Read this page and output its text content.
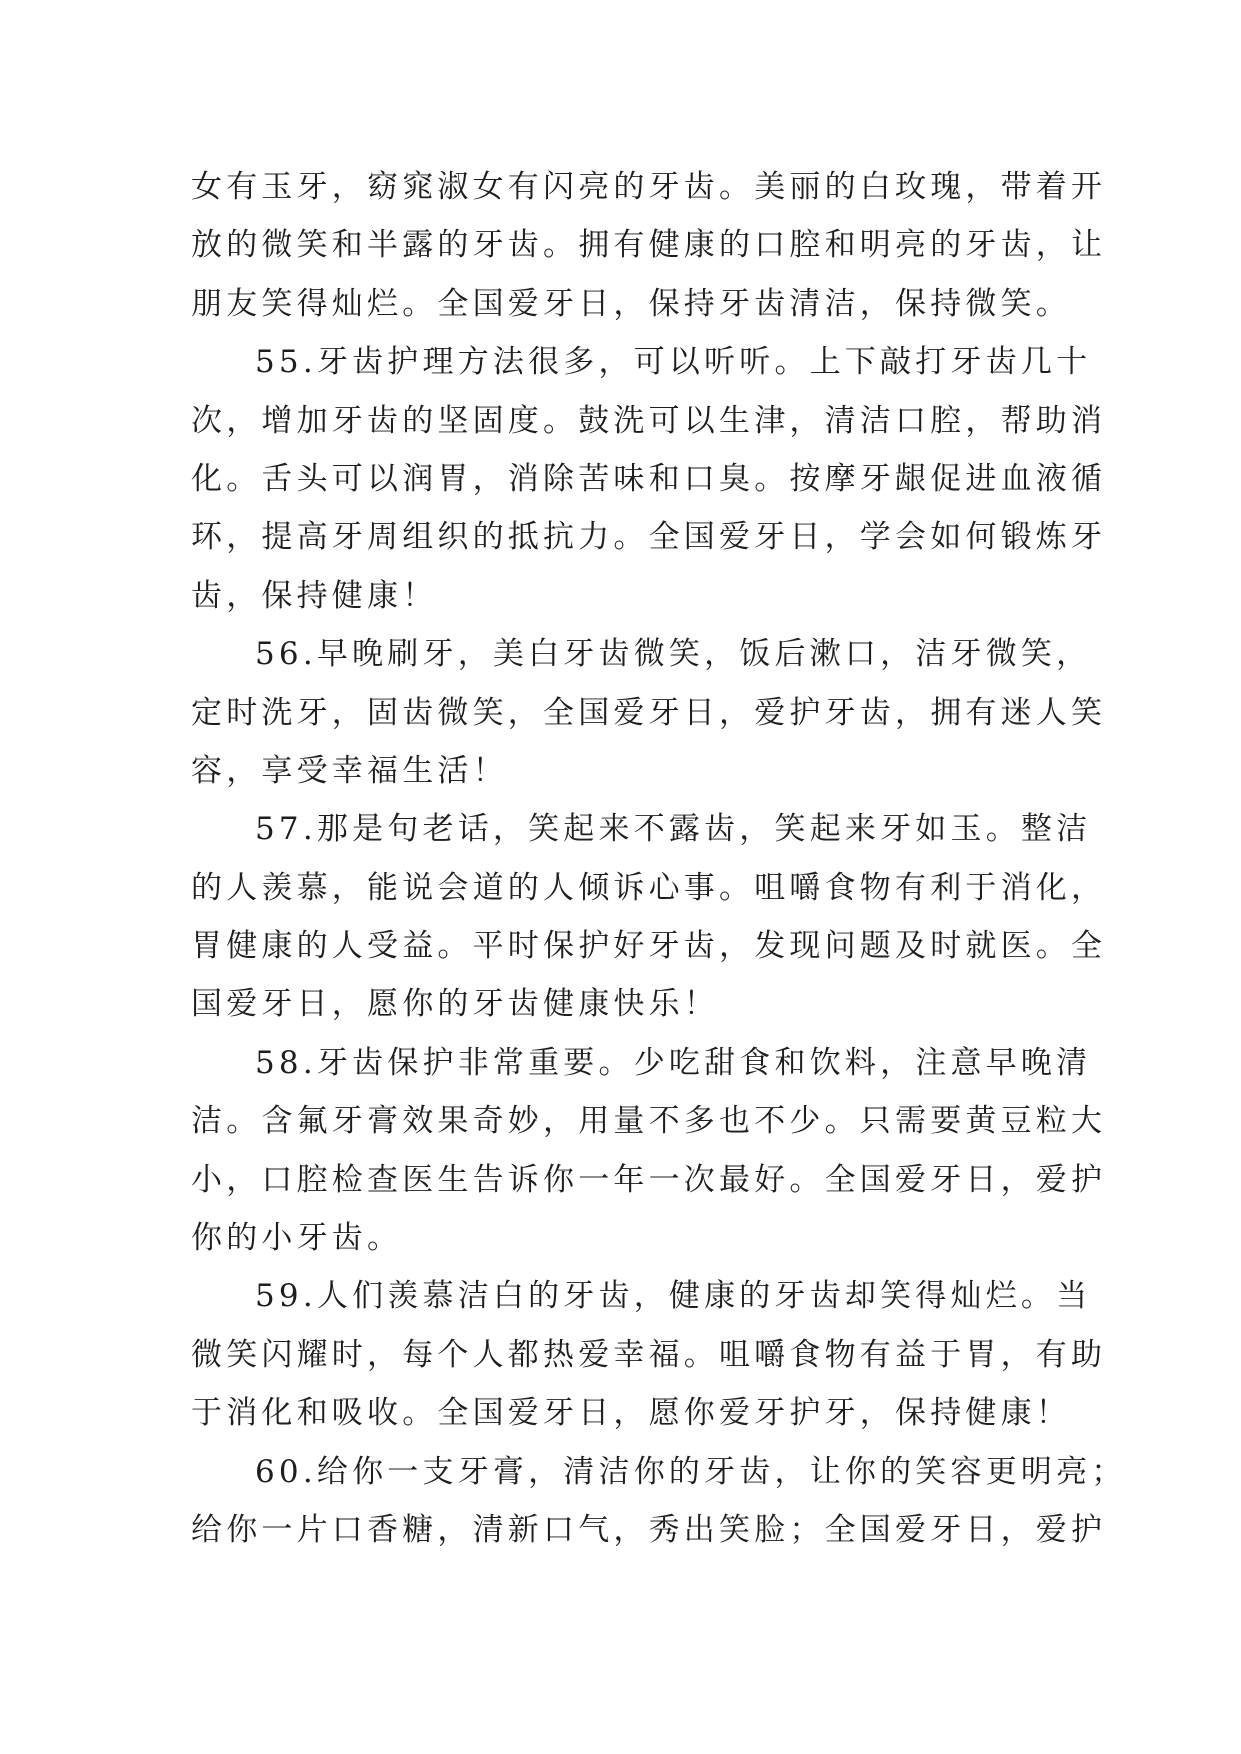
女有玉牙，窈窕淑女有闪亮的牙齿。美丽的白玫瑰，带着开
放的微笑和半露的牙齿。拥有健康的口腔和明亮的牙齿，让
朋友笑得灿烂。全国爱牙日，保持牙齿清洁，保持微笑。
55.牙齿护理方法很多，可以听听。上下敲打牙齿几十
次，增加牙齿的坚固度。鼓洗可以生津，清洁口腔，帮助消
化。舌头可以润胃，消除苦味和口臭。按摩牙龈促进血液循
环，提高牙周组织的抵抗力。全国爱牙日，学会如何锻炼牙
齿，保持健康！
56.早晚刷牙，美白牙齿微笑，饭后漱口，洁牙微笑，
定时洗牙，固齿微笑，全国爱牙日，爱护牙齿，拥有迷人笑
容，享受幸福生活！
57.那是句老话，笑起来不露齿，笑起来牙如玉。整洁
的人羡慕，能说会道的人倾诉心事。咀嚼食物有利于消化，
胃健康的人受益。平时保护好牙齿，发现问题及时就医。全
国爱牙日，愿你的牙齿健康快乐！
58.牙齿保护非常重要。少吃甜食和饮料，注意早晚清
洁。含氟牙膏效果奇妙，用量不多也不少。只需要黄豆粒大
小，口腔检查医生告诉你一年一次最好。全国爱牙日，爱护
你的小牙齿。
59.人们羡慕洁白的牙齿，健康的牙齿却笑得灿烂。当
微笑闪耀时，每个人都热爱幸福。咀嚼食物有益于胃，有助
于消化和吸收。全国爱牙日，愿你爱牙护牙，保持健康！
60.给你一支牙膏，清洁你的牙齿，让你的笑容更明亮；
给你一片口香糖，清新口气，秀出笑脸；全国爱牙日，爱护
